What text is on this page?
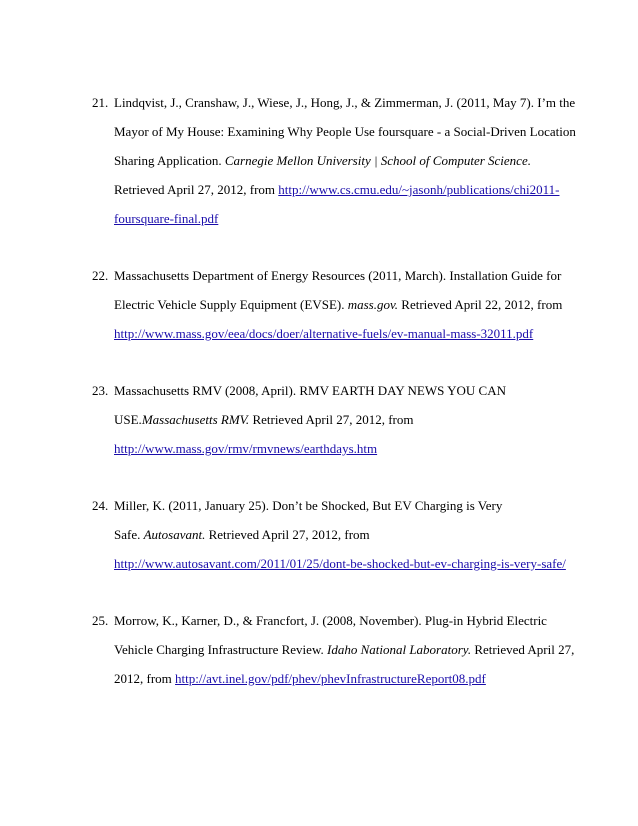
21. Lindqvist, J., Cranshaw, J., Wiese, J., Hong, J., & Zimmerman, J. (2011, May 7). I’m the
Mayor of My House: Examining Why People Use foursquare - a Social-Driven Location
Sharing Application. Carnegie Mellon University | School of Computer Science.
Retrieved April 27, 2012, from http://www.cs.cmu.edu/~jasonh/publications/chi2011-
foursquare-final.pdf
22. Massachusetts Department of Energy Resources (2011, March). Installation Guide for
Electric Vehicle Supply Equipment (EVSE). mass.gov. Retrieved April 22, 2012, from
http://www.mass.gov/eea/docs/doer/alternative-fuels/ev-manual-mass-32011.pdf
23. Massachusetts RMV (2008, April). RMV EARTH DAY NEWS YOU CAN
USE.Massachusetts RMV. Retrieved April 27, 2012, from
http://www.mass.gov/rmv/rmvnews/earthdays.htm
24. Miller, K. (2011, January 25). Don’t be Shocked, But EV Charging is Very
Safe. Autosavant. Retrieved April 27, 2012, from
http://www.autosavant.com/2011/01/25/dont-be-shocked-but-ev-charging-is-very-safe/
25. Morrow, K., Karner, D., & Francfort, J. (2008, November). Plug-in Hybrid Electric
Vehicle Charging Infrastructure Review. Idaho National Laboratory. Retrieved April 27,
2012, from http://avt.inel.gov/pdf/phev/phevInfrastructureReport08.pdf
